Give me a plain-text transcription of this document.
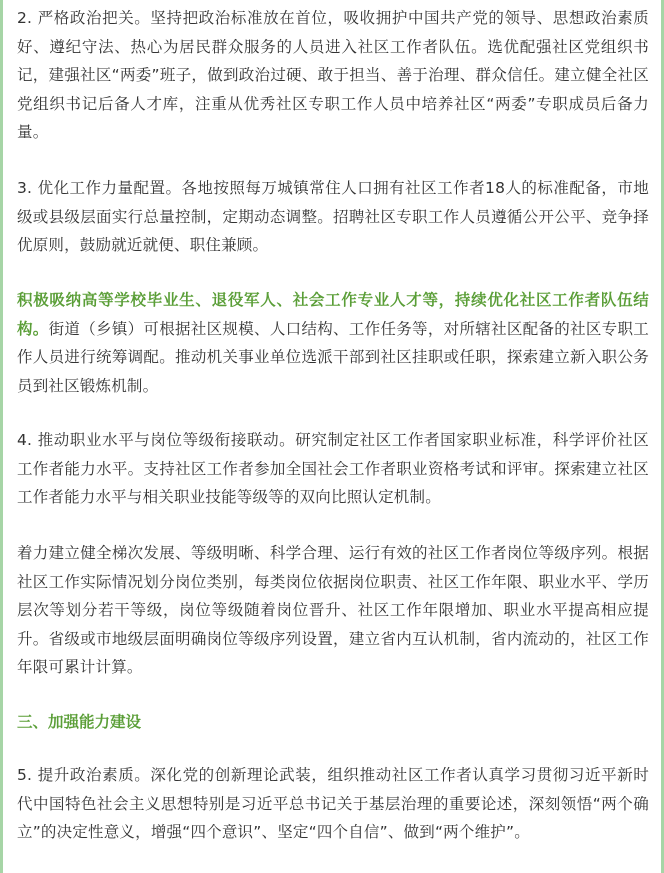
2. 严格政治把关。坚持把政治标准放在首位，吸收拥护中国共产党的领导、思想政治素质好、遵纪守法、热心为居民群众服务的人员进入社区工作者队伍。选优配强社区党组织书记，建强社区“两委”班子，做到政治过硬、敢于担当、善于治理、群众信任。建立健全社区党组织书记后备人才库，注重从优秀社区专职工作人员中培养社区“两委”专职成员后备力量。

3. 优化工作力量配置。各地按照每万城镇常住人口拥有社区工作者18人的标准配备，市地级或县级层面实行总量控制，定期动态调整。招聘社区专职工作人员遵循公开公平、竞争择优原则，鼓励就近就便、职住兼顾。

积极吸纳高等学校毕业生、退役军人、社会工作专业人才等，持续优化社区工作者队伍结构。街道（乡镇）可根据社区规模、人口结构、工作任务等，对所辖社区配备的社区专职工作人员进行统筹调配。推动机关事业单位选派干部到社区挂职或任职，探索建立新入职公务员到社区锻炼机制。

4. 推动职业水平与岗位等级衔接联动。研究制定社区工作者国家职业标准，科学评价社区工作者能力水平。支持社区工作者参加全国社会工作者职业资格考试和评审。探索建立社区工作者能力水平与相关职业技能等级等的双向比照认定机制。

着力建立健全梯次发展、等级明晰、科学合理、运行有效的社区工作者岗位等级序列。根据社区工作实际情况划分岗位类别，每类岗位依据岗位职责、社区工作年限、职业水平、学历层次等划分若干等级，岗位等级随着岗位晋升、社区工作年限增加、职业水平提高相应提升。省级或市地级层面明确岗位等级序列设置，建立省内互认机制，省内流动的，社区工作年限可累计计算。

三、加强能力建设

5. 提升政治素质。深化党的创新理论武装，组织推动社区工作者认真学习贯彻习近平新时代中国特色社会主义思想特别是习近平总书记关于基层治理的重要论述，深刻领悟“两个确立”的决定性意义，增强“四个意识”、坚定“四个自信”、做到“两个维护”。
